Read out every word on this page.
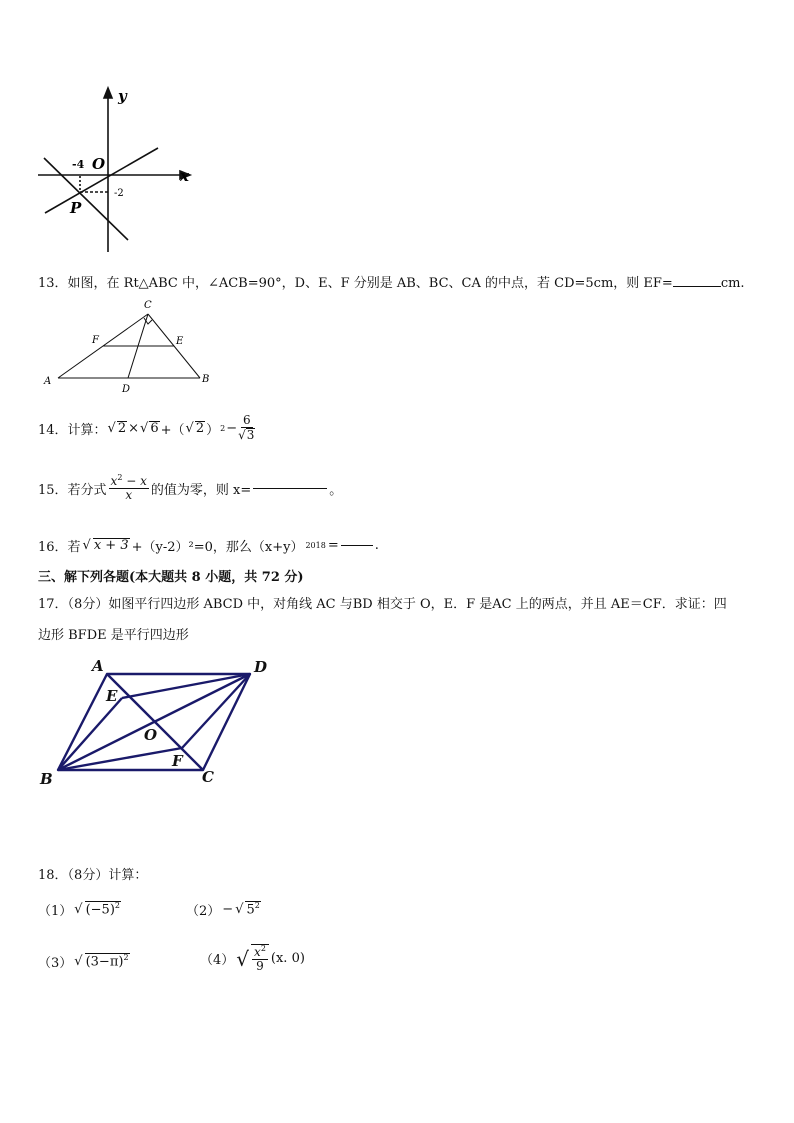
y
x
O
P
-4
-2
13．如图，在 Rt△ABC 中，∠ACB=90°，D、E、F 分别是 AB、BC、CA 的中点，若 CD=5cm，则 EF=	cm.
A	B
C
D
E
F
14．计算： √ 2 × √ 6 +（ √ 2 ） $2 - \frac{6}{√3}$
15．若分式 $\frac{x^2 - x}{x}$ 的值为零，则 x=	。
16．若 √ x + 3 +（y-2）²=0，那么（x+y） 2018 =	.
三、解下列各题(本大题共 8 小题，共 72 分)
17．（8分）如图平行四边形 ABCD 中，对角线 AC 与BD 相交于 O，E．F 是AC 上的两点，并且 AE＝CF．求证：四
边形 BFDE 是平行四边形
A	D
E
O
F
B	C
18．（8分）计算：
（1） √ $(-5)^2$	（2） − √ $5^2$
（3） √ $(3-\pi)^2$	（4） √ $\frac{x^2}{9} (x$. 0)
